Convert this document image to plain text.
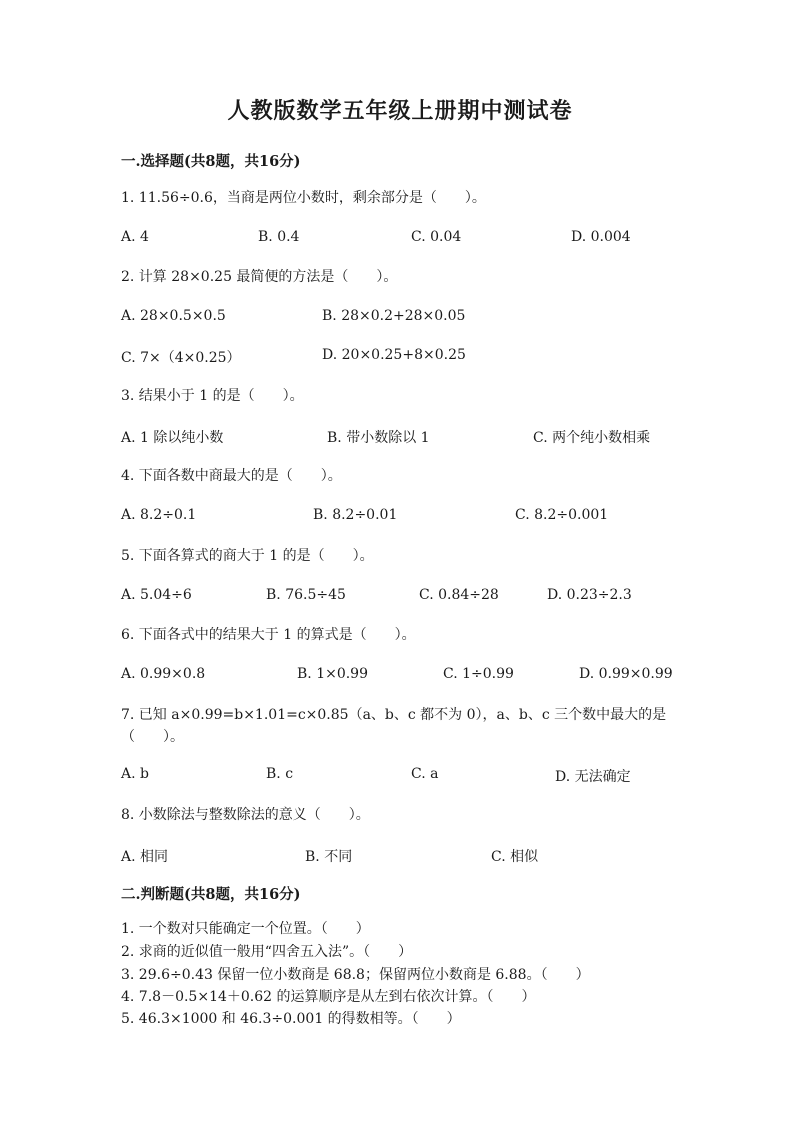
人教版数学五年级上册期中测试卷
一.选择题(共8题，共16分)
1. 11.56÷0.6，当商是两位小数时，剩余部分是（　　）。
A. 4	B. 0.4	C. 0.04	D. 0.004
2. 计算 28×0.25 最简便的方法是（　　）。
A. 28×0.5×0.5	B. 28×0.2+28×0.05
C. 7×（4×0.25）	D. 20×0.25+8×0.25
3. 结果小于 1 的是（　　）。
A. 1 除以纯小数	B. 带小数除以 1	C. 两个纯小数相乘
4. 下面各数中商最大的是（　　）。
A. 8.2÷0.1	B. 8.2÷0.01	C. 8.2÷0.001
5. 下面各算式的商大于 1 的是（　　）。
A. 5.04÷6	B. 76.5÷45	C. 0.84÷28	D. 0.23÷2.3
6. 下面各式中的结果大于 1 的算式是（　　）。
A. 0.99×0.8	B. 1×0.99	C. 1÷0.99	D. 0.99×0.99
7. 已知 a×0.99=b×1.01=c×0.85（a、b、c 都不为 0），a、b、c 三个数中最大的是（　　）。
A. b	B. c	C. a	D. 无法确定
8. 小数除法与整数除法的意义（　　）。
A. 相同	B. 不同	C. 相似
二.判断题(共8题，共16分)
1. 一个数对只能确定一个位置。（　　）
2. 求商的近似值一般用“四舍五入法”。（　　）
3. 29.6÷0.43 保留一位小数商是 68.8；保留两位小数商是 6.88。（　　）
4. 7.8－0.5×14＋0.62 的运算顺序是从左到右依次计算。（　　）
5. 46.3×1000 和 46.3÷0.001 的得数相等。（　　）
